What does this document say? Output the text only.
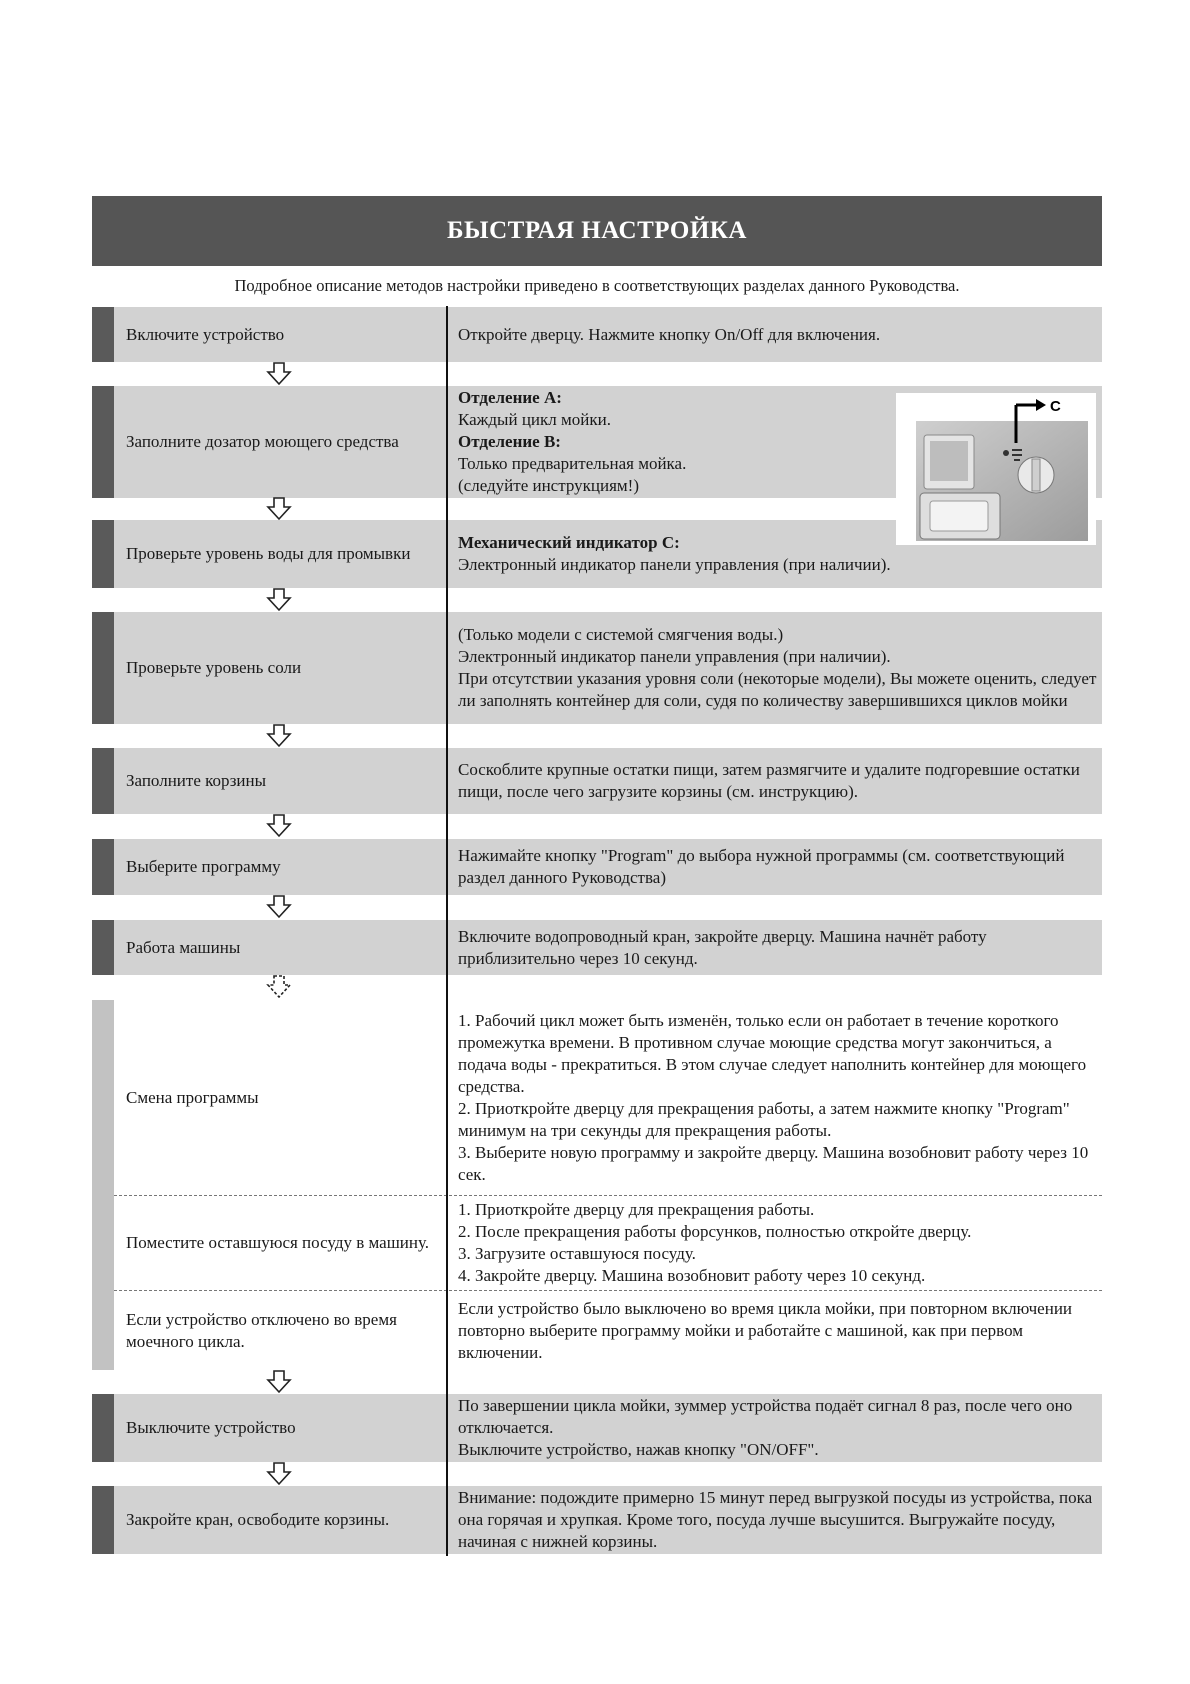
БЫСТРАЯ НАСТРОЙКА
Подробное описание методов настройки приведено в соответствующих разделах данного Руководства.
Включите устройство	Откройте дверцу. Нажмите кнопку On/Off для включения.
Заполните дозатор моющего средства
Отделение А:
Каждый цикл мойки.
Отделение В:
Только предварительная мойка.
(следуйте инструкциям!)
Проверьте уровень воды для промывки
Механический индикатор С:
Электронный индикатор панели управления (при наличии).
C
Проверьте уровень соли
(Только модели с системой смягчения воды.)
Электронный индикатор панели управления (при наличии).
При отсутствии указания уровня соли (некоторые модели), Вы можете оценить, следует ли заполнять контейнер для соли, судя по количеству завершившихся циклов мойки
Заполните корзины
Соскоблите крупные остатки пищи, затем размягчите и удалите подгоревшие остатки пищи, после чего загрузите корзины (см. инструкцию).
Выберите программу
Нажимайте кнопку "Program" до выбора нужной программы (см. соответствующий раздел данного Руководства)
Работа машины
Включите водопроводный кран, закройте дверцу. Машина начнёт работу приблизительно через 10 секунд.
Смена программы
1. Рабочий цикл может быть изменён, только если он работает в течение короткого промежутка времени. В противном случае моющие средства могут закончиться, а подача воды - прекратиться. В этом случае следует наполнить контейнер для моющего средства.
2. Приоткройте дверцу для прекращения работы, а затем нажмите кнопку "Program" минимум на три секунды для прекращения работы.
3. Выберите новую программу и закройте дверцу. Машина возобновит работу через 10 сек.
Поместите оставшуюся посуду в машину.
1. Приоткройте дверцу для прекращения работы.
2. После прекращения работы форсунков, полностью откройте дверцу.
3. Загрузите оставшуюся посуду.
4. Закройте дверцу. Машина возобновит работу через 10 секунд.
Если устройство отключено во время моечного цикла.
Если устройство было выключено во время цикла мойки, при повторном включении повторно выберите программу мойки и работайте с машиной, как при первом включении.
Выключите устройство
По завершении цикла мойки, зуммер устройства подаёт сигнал 8 раз, после чего оно отключается.
Выключите устройство, нажав кнопку "ON/OFF".
Закройте кран, освободите корзины.
Внимание: подождите примерно 15 минут перед выгрузкой посуды из устройства, пока она горячая и хрупкая. Кроме того, посуда лучше высушится. Выгружайте посуду, начиная с нижней корзины.
